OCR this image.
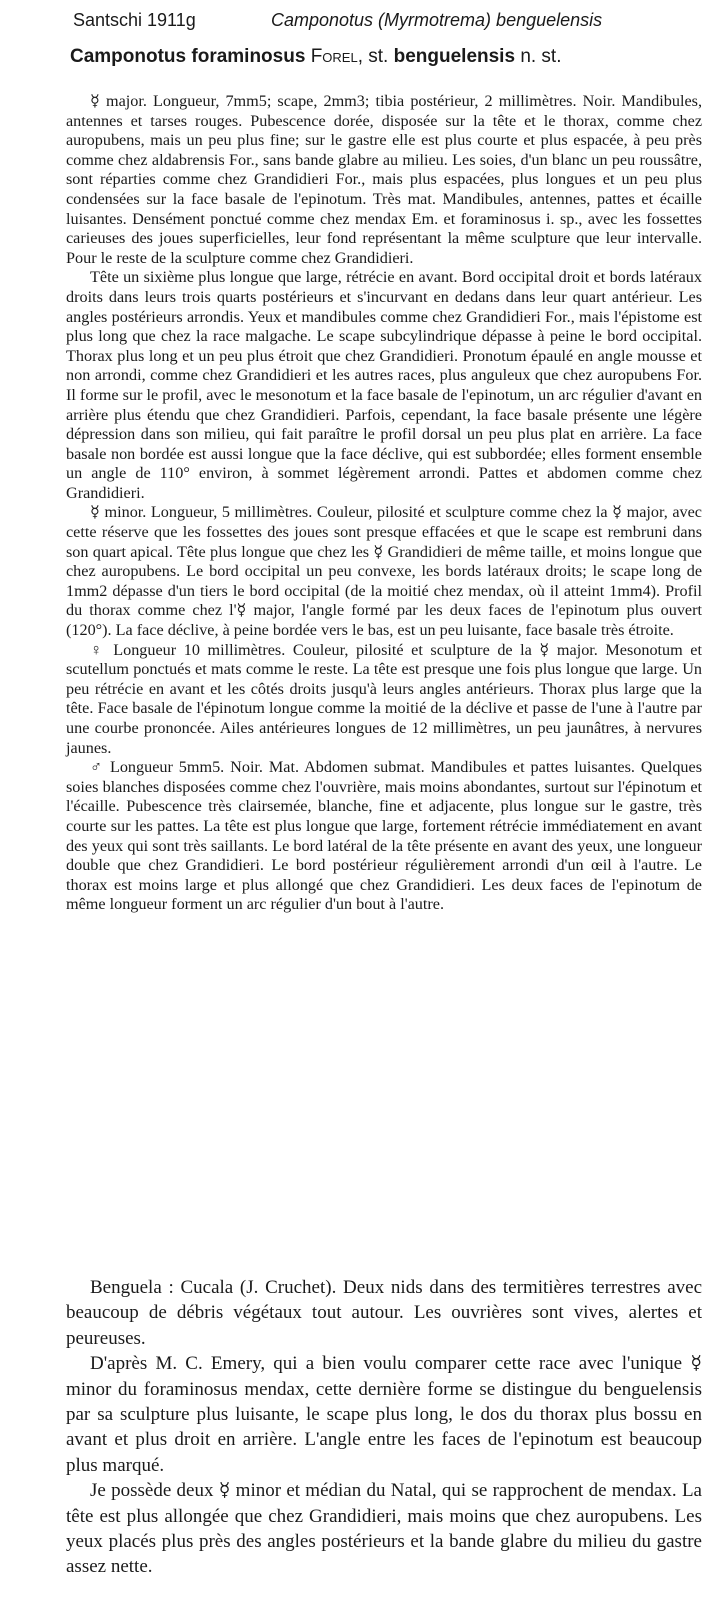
Santschi 1911g	Camponotus (Myrmotrema) benguelensis
Camponotus foraminosus Forel, st. benguelensis n. st.

☿ major. Longueur, 7mm5; scape, 2mm3; tibia postérieur, 2 millimètres. Noir. Mandibules, antennes et tarses rouges. Pubescence dorée, disposée sur la tête et le thorax, comme chez auropubens, mais un peu plus fine; sur le gastre elle est plus courte et plus espacée, à peu près comme chez aldabrensis For., sans bande glabre au milieu. Les soies, d'un blanc un peu roussâtre, sont réparties comme chez Grandidieri For., mais plus espacées, plus longues et un peu plus condensées sur la face basale de l'epinotum. Très mat. Mandibules, antennes, pattes et écaille luisantes. Densément ponctué comme chez mendax Em. et foraminosus i. sp., avec les fossettes carieuses des joues superficielles, leur fond représentant la même sculpture que leur intervalle. Pour le reste de la sculpture comme chez Grandidieri.

Tête un sixième plus longue que large, rétrécie en avant. Bord occipital droit et bords latéraux droits dans leurs trois quarts postérieurs et s'incurvant en dedans dans leur quart antérieur. Les angles postérieurs arrondis. Yeux et mandibules comme chez Grandidieri For., mais l'épistome est plus long que chez la race malgache. Le scape subcylindrique dépasse à peine le bord occipital. Thorax plus long et un peu plus étroit que chez Grandidieri. Pronotum épaulé en angle mousse et non arrondi, comme chez Grandidieri et les autres races, plus anguleux que chez auropubens For. Il forme sur le profil, avec le mesonotum et la face basale de l'epinotum, un arc régulier d'avant en arrière plus étendu que chez Grandidieri. Parfois, cependant, la face basale présente une légère dépression dans son milieu, qui fait paraître le profil dorsal un peu plus plat en arrière. La face basale non bordée est aussi longue que la face déclive, qui est subbordée; elles forment ensemble un angle de 110° environ, à sommet légèrement arrondi. Pattes et abdomen comme chez Grandidieri.

☿ minor. Longueur, 5 millimètres. Couleur, pilosité et sculpture comme chez la ☿ major, avec cette réserve que les fossettes des joues sont presque effacées et que le scape est rembruni dans son quart apical. Tête plus longue que chez les ☿ Grandidieri de même taille, et moins longue que chez auropubens. Le bord occipital un peu convexe, les bords latéraux droits; le scape long de 1mm2 dépasse d'un tiers le bord occipital (de la moitié chez mendax, où il atteint 1mm4). Profil du thorax comme chez l'☿ major, l'angle formé par les deux faces de l'epinotum plus ouvert (120°). La face déclive, à peine bordée vers le bas, est un peu luisante, face basale très étroite.

♀ Longueur 10 millimètres. Couleur, pilosité et sculpture de la ☿ major. Mesonotum et scutellum ponctués et mats comme le reste. La tête est presque une fois plus longue que large. Un peu rétrécie en avant et les côtés droits jusqu'à leurs angles antérieurs. Thorax plus large que la tête. Face basale de l'épinotum longue comme la moitié de la déclive et passe de l'une à l'autre par une courbe prononcée. Ailes antérieures longues de 12 millimètres, un peu jaunâtres, à nervures jaunes.

♂ Longueur 5mm5. Noir. Mat. Abdomen submat. Mandibules et pattes luisantes. Quelques soies blanches disposées comme chez l'ouvrière, mais moins abondantes, surtout sur l'épinotum et l'écaille. Pubescence très clairsemée, blanche, fine et adjacente, plus longue sur le gastre, très courte sur les pattes. La tête est plus longue que large, fortement rétrécie immédiatement en avant des yeux qui sont très saillants. Le bord latéral de la tête présente en avant des yeux, une longueur double que chez Grandidieri. Le bord postérieur régulièrement arrondi d'un œil à l'autre. Le thorax est moins large et plus allongé que chez Grandidieri. Les deux faces de l'epinotum de même longueur forment un arc régulier d'un bout à l'autre.

Benguela : Cucala (J. Cruchet). Deux nids dans des termitières terrestres avec beaucoup de débris végétaux tout autour. Les ouvrières sont vives, alertes et peureuses.

D'après M. C. Emery, qui a bien voulu comparer cette race avec l'unique ☿ minor du foraminosus mendax, cette dernière forme se distingue du benguelensis par sa sculpture plus luisante, le scape plus long, le dos du thorax plus bossu en avant et plus droit en arrière. L'angle entre les faces de l'epinotum est beaucoup plus marqué.

Je possède deux ☿ minor et médian du Natal, qui se rapprochent de mendax. La tête est plus allongée que chez Grandidieri, mais moins que chez auropubens. Les yeux placés plus près des angles postérieurs et la bande glabre du milieu du gastre assez nette.
